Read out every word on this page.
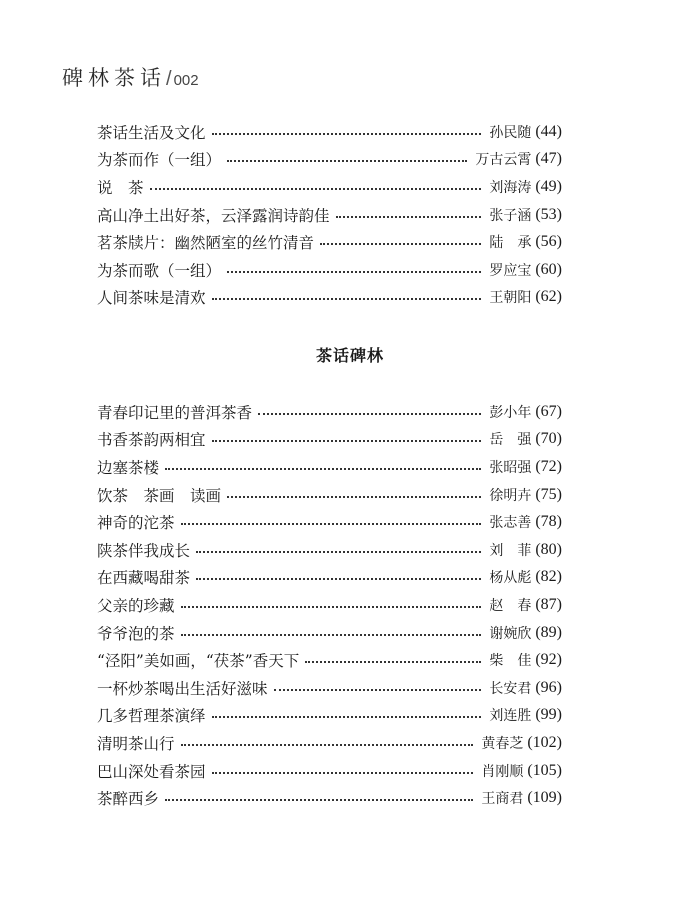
碑林茶话 / 002
茶话生活及文化	孙民随 (44)
为茶而作（一组）	万古云霄 (47)
说　茶	刘海涛 (49)
高山净土出好茶，云泽露润诗韵佳	张子涵 (53)
茗茶牍片：幽然陋室的丝竹清音	陆　承 (56)
为茶而歌（一组）	罗应宝 (60)
人间茶味是清欢	王朝阳 (62)
茶话碑林
青春印记里的普洱茶香	彭小年 (67)
书香茶韵两相宜	岳　强 (70)
边塞茶楼	张昭强 (72)
饮茶　茶画　读画	徐明卉 (75)
神奇的沱茶	张志善 (78)
陕茶伴我成长	刘　菲 (80)
在西藏喝甜茶	杨从彪 (82)
父亲的珍藏	赵　春 (87)
爷爷泡的茶	谢婉欣 (89)
“泾阳”美如画，“茯茶”香天下	柴　佳 (92)
一杯炒茶喝出生活好滋味	长安君 (96)
几多哲理茶演绎	刘连胜 (99)
清明茶山行	黄春芝 (102)
巴山深处看茶园	肖刚顺 (105)
茶醉西乡	王商君 (109)
